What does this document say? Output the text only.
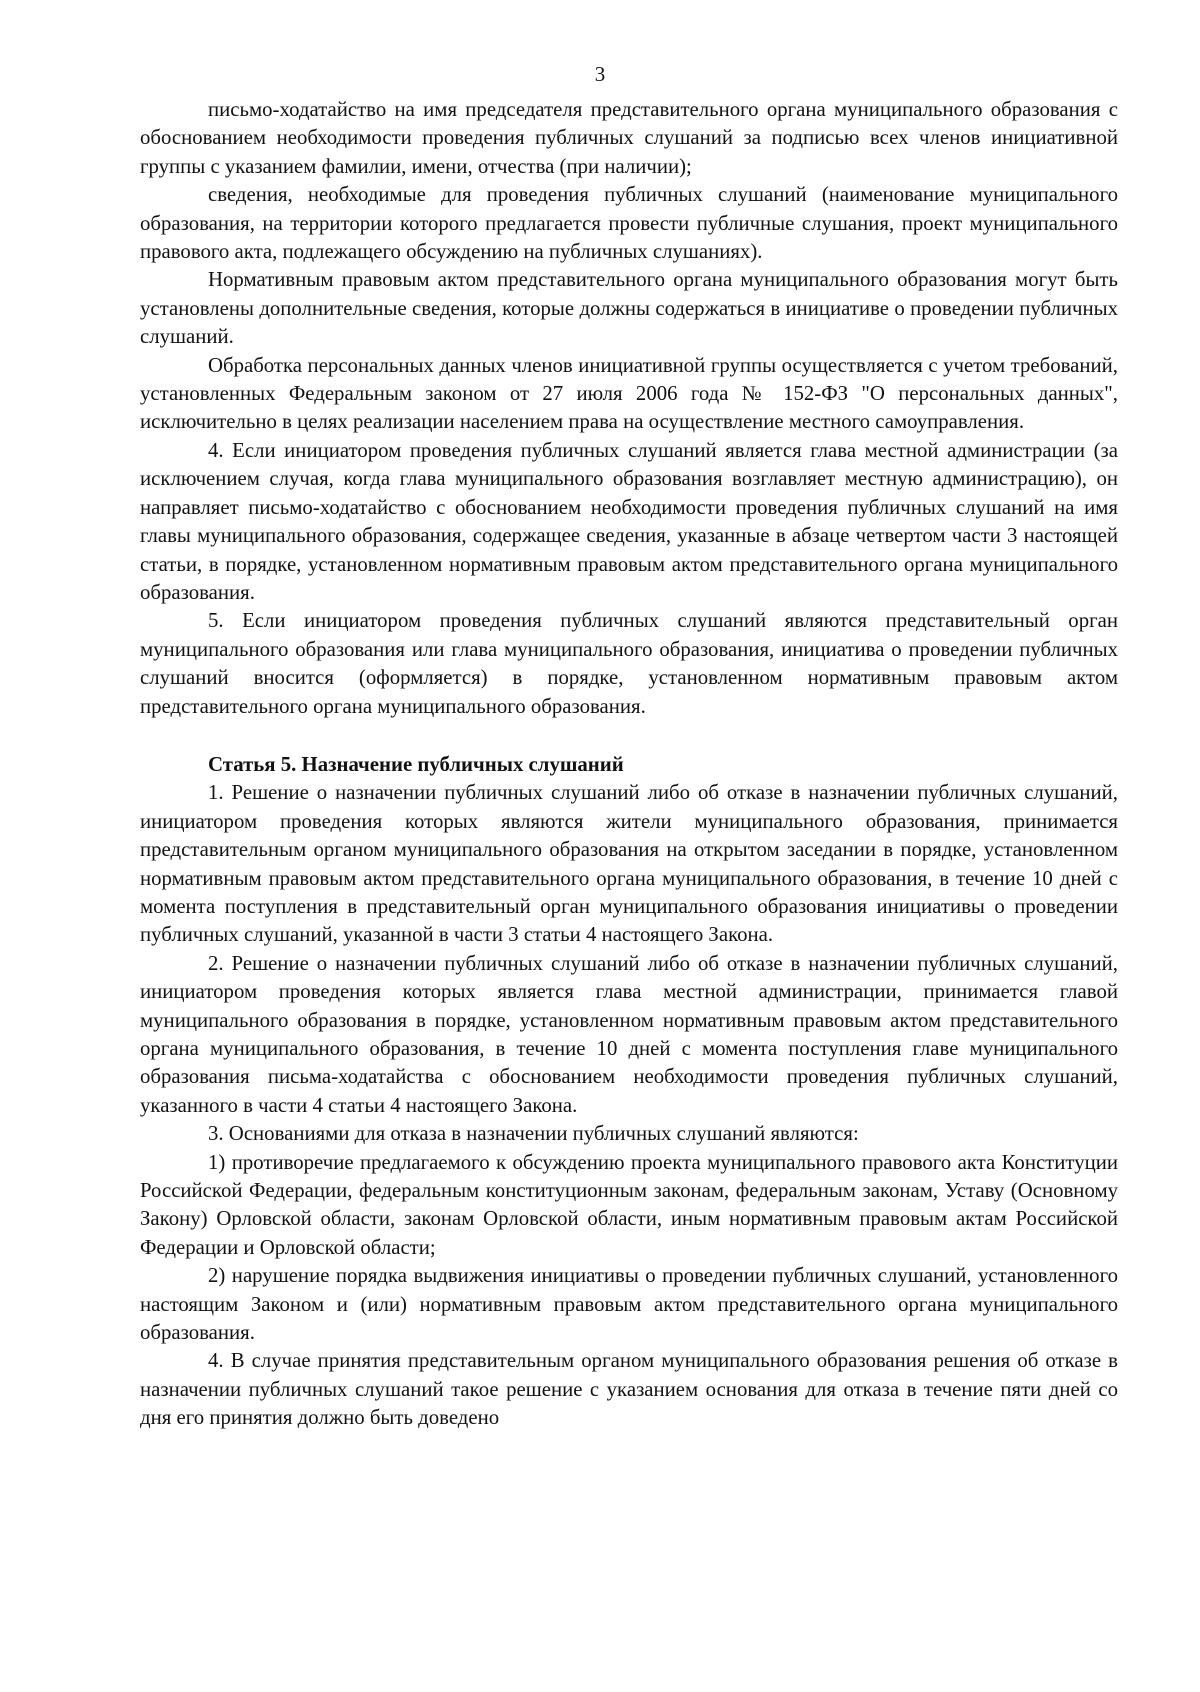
3

письмо-ходатайство на имя председателя представительного органа муниципального образования с обоснованием необходимости проведения публичных слушаний за подписью всех членов инициативной группы с указанием фамилии, имени, отчества (при наличии);

сведения, необходимые для проведения публичных слушаний (наименование муниципального образования, на территории которого предлагается провести публичные слушания, проект муниципального правового акта, подлежащего обсуждению на публичных слушаниях).

Нормативным правовым актом представительного органа муниципального образования могут быть установлены дополнительные сведения, которые должны содержаться в инициативе о проведении публичных слушаний.

Обработка персональных данных членов инициативной группы осуществляется с учетом требований, установленных Федеральным законом от 27 июля 2006 года № 152-ФЗ "О персональных данных", исключительно в целях реализации населением права на осуществление местного самоуправления.

4. Если инициатором проведения публичных слушаний является глава местной администрации (за исключением случая, когда глава муниципального образования возглавляет местную администрацию), он направляет письмо-ходатайство с обоснованием необходимости проведения публичных слушаний на имя главы муниципального образования, содержащее сведения, указанные в абзаце четвертом части 3 настоящей статьи, в порядке, установленном нормативным правовым актом представительного органа муниципального образования.

5. Если инициатором проведения публичных слушаний являются представительный орган муниципального образования или глава муниципального образования, инициатива о проведении публичных слушаний вносится (оформляется) в порядке, установленном нормативным правовым актом представительного органа муниципального образования.

Статья 5. Назначение публичных слушаний

1. Решение о назначении публичных слушаний либо об отказе в назначении публичных слушаний, инициатором проведения которых являются жители муниципального образования, принимается представительным органом муниципального образования на открытом заседании в порядке, установленном нормативным правовым актом представительного органа муниципального образования, в течение 10 дней с момента поступления в представительный орган муниципального образования инициативы о проведении публичных слушаний, указанной в части 3 статьи 4 настоящего Закона.

2. Решение о назначении публичных слушаний либо об отказе в назначении публичных слушаний, инициатором проведения которых является глава местной администрации, принимается главой муниципального образования в порядке, установленном нормативным правовым актом представительного органа муниципального образования, в течение 10 дней с момента поступления главе муниципального образования письма-ходатайства с обоснованием необходимости проведения публичных слушаний, указанного в части 4 статьи 4 настоящего Закона.

3. Основаниями для отказа в назначении публичных слушаний являются:

1) противоречие предлагаемого к обсуждению проекта муниципального правового акта Конституции Российской Федерации, федеральным конституционным законам, федеральным законам, Уставу (Основному Закону) Орловской области, законам Орловской области, иным нормативным правовым актам Российской Федерации и Орловской области;

2) нарушение порядка выдвижения инициативы о проведении публичных слушаний, установленного настоящим Законом и (или) нормативным правовым актом представительного органа муниципального образования.

4. В случае принятия представительным органом муниципального образования решения об отказе в назначении публичных слушаний такое решение с указанием основания для отказа в течение пяти дней со дня его принятия должно быть доведено
